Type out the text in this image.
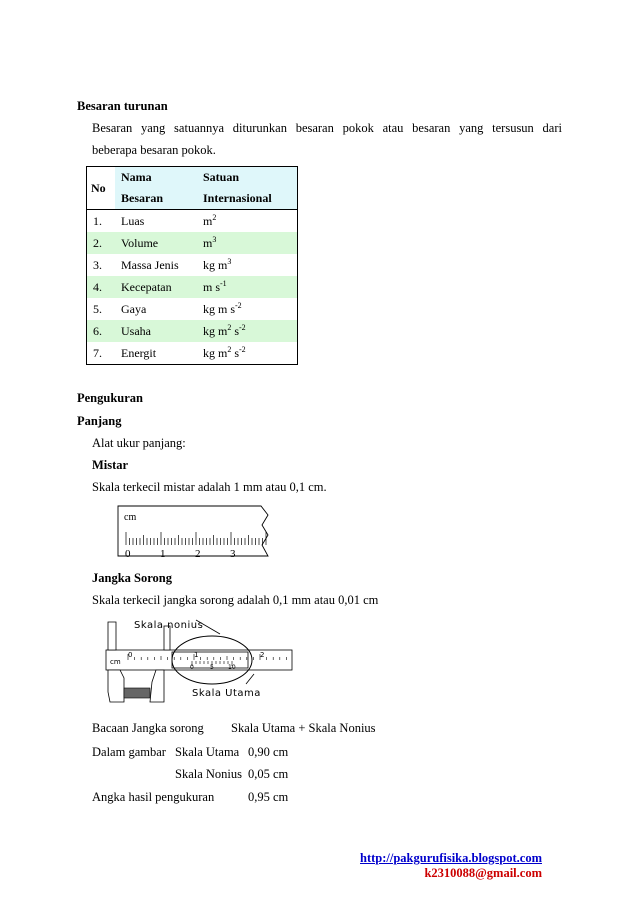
Besaran turunan
Besaran yang satuannya diturunkan besaran pokok atau besaran yang tersusun dari
beberapa besaran pokok.
No	Nama	Satuan
	Besaran	Internasional
1.	Luas	$m^2$
2.	Volume	$m^3$
3.	Massa Jenis	kg $m^3$
4.	Kecepatan	m $s^{-1}$
5.	Gaya	kg m $s^{-2}$
6.	Usaha	kg $m^2$ $s^{-2}$
7.	Energit	kg $m^2$ $s^{-2}$
Pengukuran
Panjang
Alat ukur panjang:
Mistar
Skala terkecil mistar adalah 1 mm atau 0,1 cm.
cm
0	1	2	3
Jangka Sorong
Skala terkecil jangka sorong adalah 0,1 mm atau 0,01 cm
Skala nonius
Skala Utama
cm
0	1	2
0	5 10
Bacaan Jangka sorong Skala Utama + Skala Nonius
Dalam gambar Skala Utama 0,90 cm
Skala Nonius 0,05 cm
Angka hasil pengukuran	0,95 cm
http://pakgurufisika.blogspot.com
k2310088@gmail.com
